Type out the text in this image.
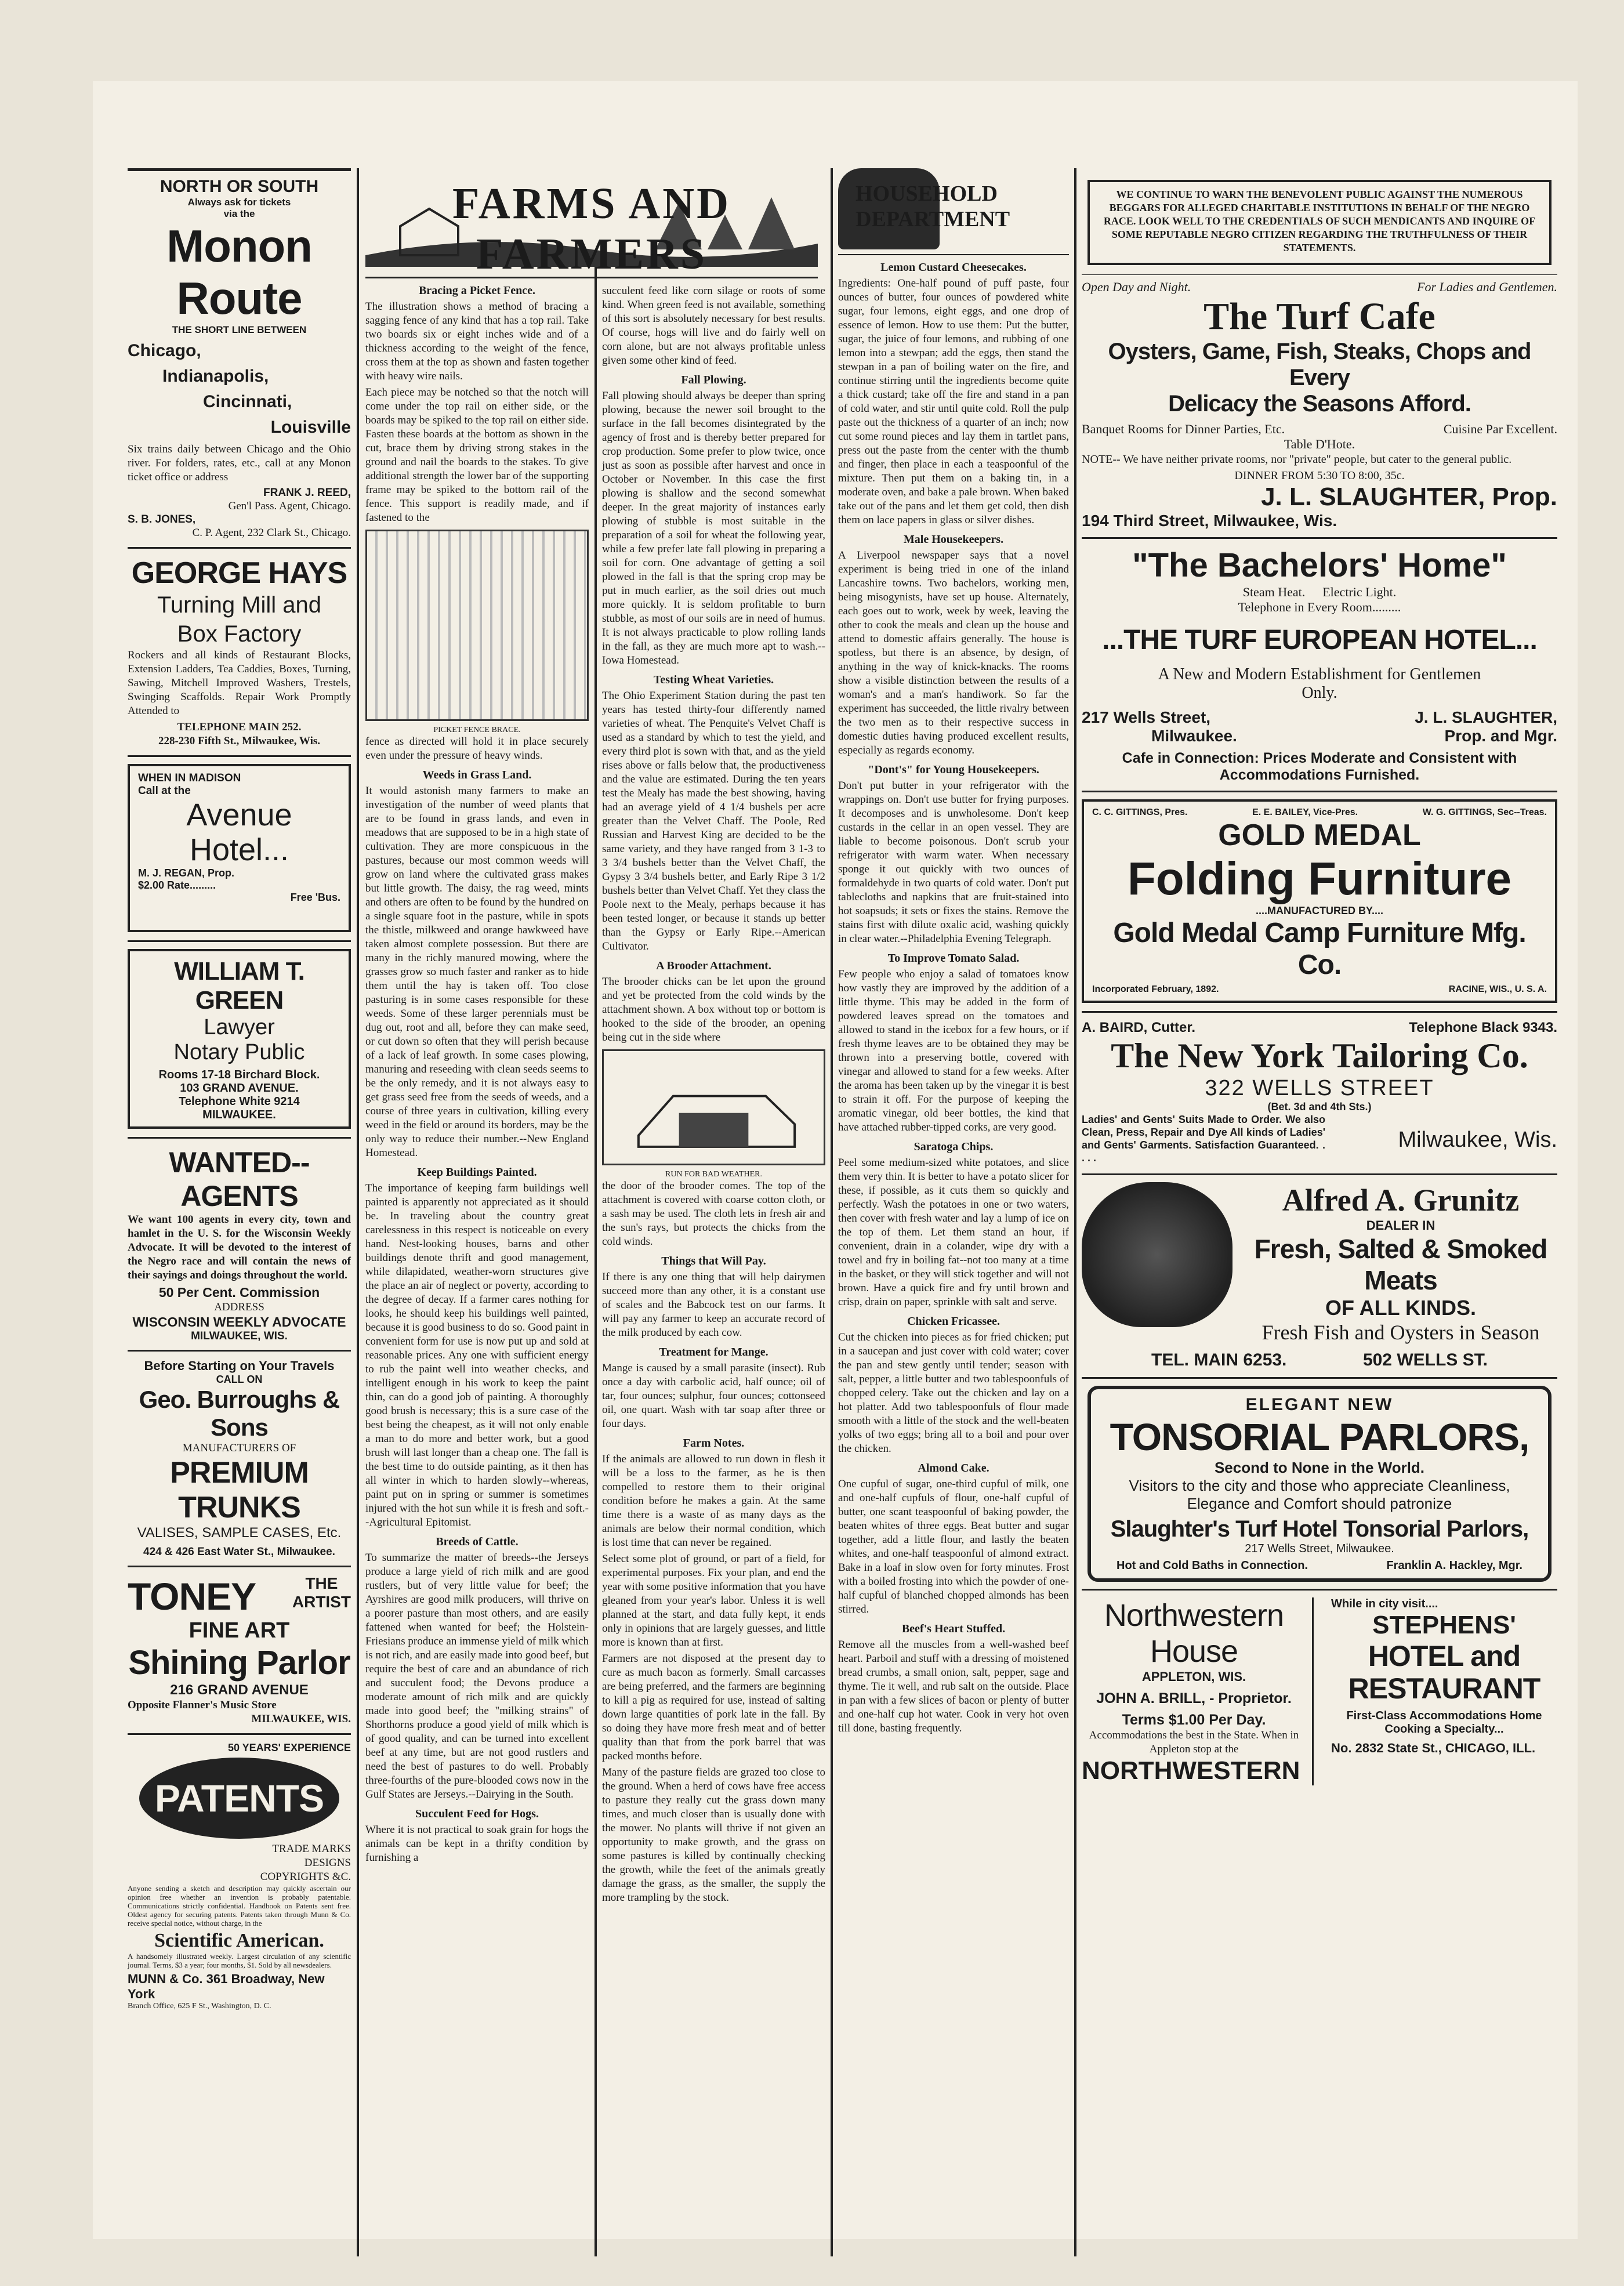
NORTH OR SOUTH
Always ask for tickets
via the
Monon Route
THE SHORT LINE BETWEEN
Chicago,
Indianapolis,
Cincinnati,
Louisville

Six trains daily between Chicago and the Ohio river. For folders, rates, etc., call at any Monon ticket office or address

FRANK J. REED,
Gen'l Pass. Agent, Chicago.
S. B. JONES,
C. P. Agent, 232 Clark St., Chicago.
GEORGE HAYS
Turning Mill and
Box Factory

Rockers and all kinds of Restaurant Blocks, Extension Ladders, Tea Caddies, Boxes, Turning, Sawing, Mitchell Improved Washers, Trestels, Swinging Scaffolds. Repair Work Promptly Attended to

TELEPHONE MAIN 252.
228-230 Fifth St., Milwaukee, Wis.
WHEN IN MADISON
Call at the
Avenue
Hotel...
M. J. REGAN, Prop.
$2.00 Rate.........
Free 'Bus.
WILLIAM T. GREEN
Lawyer
Notary Public
Rooms 17-18 Birchard Block.
103 GRAND AVENUE.
Telephone White 9214
MILWAUKEE.
WANTED--AGENTS

We want 100 agents in every city, town and hamlet in the U. S. for the Wisconsin Weekly Advocate. It will be devoted to the interest of the Negro race and will contain the news of their sayings and doings throughout the world.

50 Per Cent. Commission
ADDRESS
WISCONSIN WEEKLY ADVOCATE
MILWAUKEE, WIS.
Before Starting on Your Travels
CALL ON
Geo. Burroughs & Sons
MANUFACTURERS OF
PREMIUM TRUNKS
VALISES, SAMPLE CASES, Etc.
424 & 426 East Water St., Milwaukee.
TONEY	THE
ARTIST
FINE ART
Shining Parlor
216 GRAND AVENUE
Opposite Flanner's Music Store
MILWAUKEE, WIS.
50 YEARS' EXPERIENCE
PATENTS
TRADE MARKS
DESIGNS
COPYRIGHTS &C.

Anyone sending a sketch and description may quickly ascertain our opinion free whether an invention is probably patentable. Communications strictly confidential. Handbook on Patents sent free. Oldest agency for securing patents. Patents taken through Munn & Co. receive special notice, without charge, in the

Scientific American.

A handsomely illustrated weekly. Largest circulation of any scientific journal. Terms, $3 a year; four months, $1. Sold by all newsdealers.

MUNN & Co. 361 Broadway, New York
Branch Office, 625 F St., Washington, D. C.
FARMS AND FARMERS
Bracing a Picket Fence.

The illustration shows a method of bracing a sagging fence of any kind that has a top rail. Take two boards six or eight inches wide and of a thickness according to the weight of the fence, cross them at the top as shown and fasten together with heavy wire nails.

Each piece may be notched so that the notch will come under the top rail on either side, or the boards may be spiked to the top rail on either side. Fasten these boards at the bottom as shown in the cut, brace them by driving strong stakes in the ground and nail the boards to the stakes. To give additional strength the lower bar of the supporting frame may be spiked to the bottom rail of the fence. This support is readily made, and if fastened to the

PICKET FENCE BRACE.

fence as directed will hold it in place securely even under the pressure of heavy winds.

Weeds in Grass Land.

It would astonish many farmers to make an investigation of the number of weed plants that are to be found in grass lands, and even in meadows that are supposed to be in a high state of cultivation. They are more conspicuous in the pastures, because our most common weeds will grow on land where the cultivated grass makes but little growth. The daisy, the rag weed, mints and others are often to be found by the hundred on a single square foot in the pasture, while in spots the thistle, milkweed and orange hawkweed have taken almost complete possession. But there are many in the richly manured mowing, where the grasses grow so much faster and ranker as to hide them until the hay is taken off. Too close pasturing is in some cases responsible for these weeds. Some of these larger perennials must be dug out, root and all, before they can make seed, or cut down so often that they will perish because of a lack of leaf growth. In some cases plowing, manuring and reseeding with clean seeds seems to be the only remedy, and it is not always easy to get grass seed free from the seeds of weeds, and a course of three years in cultivation, killing every weed in the field or around its borders, may be the only way to reduce their number.--New England Homestead.

Keep Buildings Painted.

The importance of keeping farm buildings well painted is apparently not appreciated as it should be. In traveling about the country great carelessness in this respect is noticeable on every hand. Nest-looking houses, barns and other buildings denote thrift and good management, while dilapidated, weather-worn structures give the place an air of neglect or poverty, according to the degree of decay. If a farmer cares nothing for looks, he should keep his buildings well painted, because it is good business to do so. Good paint in convenient form for use is now put up and sold at reasonable prices. Any one with sufficient energy to rub the paint well into weather checks, and intelligent enough in his work to keep the paint thin, can do a good job of painting. A thoroughly good brush is necessary; this is a sure case of the best being the cheapest, as it will not only enable a man to do more and better work, but a good brush will last longer than a cheap one. The fall is the best time to do outside painting, as it then has all winter in which to harden slowly--whereas, paint put on in spring or summer is sometimes injured with the hot sun while it is fresh and soft.--Agricultural Epitomist.

Breeds of Cattle.

To summarize the matter of breeds--the Jerseys produce a large yield of rich milk and are good rustlers, but of very little value for beef; the Ayrshires are good milk producers, will thrive on a poorer pasture than most others, and are easily fattened when wanted for beef; the Holstein-Friesians produce an immense yield of milk which is not rich, and are easily made into good beef, but require the best of care and an abundance of rich and succulent food; the Devons produce a moderate amount of rich milk and are quickly made into good beef; the "milking strains" of Shorthorns produce a good yield of milk which is of good quality, and can be turned into excellent beef at any time, but are not good rustlers and need the best of pastures to do well. Probably three-fourths of the pure-blooded cows now in the Gulf States are Jerseys.--Dairying in the South.

Succulent Feed for Hogs.

Where it is not practical to soak grain for hogs the animals can be kept in a thrifty condition by furnishing a

succulent feed like corn silage or roots of some kind. When green feed is not available, something of this sort is absolutely necessary for best results. Of course, hogs will live and do fairly well on corn alone, but are not always profitable unless given some other kind of feed.

Fall Plowing.

Fall plowing should always be deeper than spring plowing, because the newer soil brought to the surface in the fall becomes disintegrated by the agency of frost and is thereby better prepared for crop production. Some prefer to plow twice, once just as soon as possible after harvest and once in October or November. In this case the first plowing is shallow and the second somewhat deeper. In the great majority of instances early plowing of stubble is most suitable in the preparation of a soil for wheat the following year, while a few prefer late fall plowing in preparing a soil for corn. One advantage of getting a soil plowed in the fall is that the spring crop may be put in much earlier, as the soil dries out much more quickly. It is seldom profitable to burn stubble, as most of our soils are in need of humus. It is not always practicable to plow rolling lands in the fall, as they are much more apt to wash.--Iowa Homestead.

Testing Wheat Varieties.

The Ohio Experiment Station during the past ten years has tested thirty-four differently named varieties of wheat. The Penquite's Velvet Chaff is used as a standard by which to test the yield, and every third plot is sown with that, and as the yield rises above or falls below that, the productiveness and the value are estimated. During the ten years test the Mealy has made the best showing, having had an average yield of 4 1/4 bushels per acre greater than the Velvet Chaff. The Poole, Red Russian and Harvest King are decided to be the same variety, and they have ranged from 3 1-3 to 3 3/4 bushels better than the Velvet Chaff, the Gypsy 3 3/4 bushels better, and Early Ripe 3 1/2 bushels better than Velvet Chaff. Yet they class the Poole next to the Mealy, perhaps because it has been tested longer, or because it stands up better than the Gypsy or Early Ripe.--American Cultivator.

A Brooder Attachment.

The brooder chicks can be let upon the ground and yet be protected from the cold winds by the attachment shown. A box without top or bottom is hooked to the side of the brooder, an opening being cut in the side where

RUN FOR BAD WEATHER.

the door of the brooder comes. The top of the attachment is covered with coarse cotton cloth, or a sash may be used. The cloth lets in fresh air and the sun's rays, but protects the chicks from the cold winds.

Things that Will Pay.

If there is any one thing that will help dairymen succeed more than any other, it is a constant use of scales and the Babcock test on our farms. It will pay any farmer to keep an accurate record of the milk produced by each cow.

Treatment for Mange.

Mange is caused by a small parasite (insect). Rub once a day with carbolic acid, half ounce; oil of tar, four ounces; sulphur, four ounces; cottonseed oil, one quart. Wash with tar soap after three or four days.

Farm Notes.

If the animals are allowed to run down in flesh it will be a loss to the farmer, as he is then compelled to restore them to their original condition before he makes a gain. At the same time there is a waste of as many days as the animals are below their normal condition, which is lost time that can never be regained.

Select some plot of ground, or part of a field, for experimental purposes. Fix your plan, and end the year with some positive information that you have gleaned from your year's labor. Unless it is well planned at the start, and data fully kept, it ends only in opinions that are largely guesses, and little more is known than at first.

Farmers are not disposed at the present day to cure as much bacon as formerly. Small carcasses are being preferred, and the farmers are beginning to kill a pig as required for use, instead of salting down large quantities of pork late in the fall. By so doing they have more fresh meat and of better quality than that from the pork barrel that was packed months before.

Many of the pasture fields are grazed too close to the ground. When a herd of cows have free access to pasture they really cut the grass down many times, and much closer than is usually done with the mower. No plants will thrive if not given an opportunity to make growth, and the grass on some pastures is killed by continually checking the growth, while the feet of the animals greatly damage the grass, as the smaller, the supply the more trampling by the stock.

HOUSEHOLD DEPARTMENT
Lemon Custard Cheesecakes.

Ingredients: One-half pound of puff paste, four ounces of butter, four ounces of powdered white sugar, four lemons, eight eggs, and one drop of essence of lemon. How to use them: Put the butter, sugar, the juice of four lemons, and rubbing of one lemon into a stewpan; add the eggs, then stand the stewpan in a pan of boiling water on the fire, and continue stirring until the ingredients become quite a thick custard; take off the fire and stand in a pan of cold water, and stir until quite cold. Roll the pulp paste out the thickness of a quarter of an inch; now cut some round pieces and lay them in tartlet pans, press out the paste from the center with the thumb and finger, then place in each a teaspoonful of the mixture. Then put them on a baking tin, in a moderate oven, and bake a pale brown. When baked take out of the pans and let them get cold, then dish them on lace papers in glass or silver dishes.

Male Housekeepers.

A Liverpool newspaper says that a novel experiment is being tried in one of the inland Lancashire towns. Two bachelors, working men, being misogynists, have set up house. Alternately, each goes out to work, week by week, leaving the other to cook the meals and clean up the house and attend to domestic affairs generally. The house is spotless, but there is an absence, by design, of anything in the way of knick-knacks. The rooms show a visible distinction between the results of a woman's and a man's handiwork. So far the experiment has succeeded, the little rivalry between the two men as to their respective success in domestic duties having produced excellent results, especially as regards economy.

"Dont's" for Young Housekeepers.

Don't put butter in your refrigerator with the wrappings on. Don't use butter for frying purposes. It decomposes and is unwholesome. Don't keep custards in the cellar in an open vessel. They are liable to become poisonous. Don't scrub your refrigerator with warm water. When necessary sponge it out quickly with two ounces of formaldehyde in two quarts of cold water. Don't put tablecloths and napkins that are fruit-stained into hot soapsuds; it sets or fixes the stains. Remove the stains first with dilute oxalic acid, washing quickly in clear water.--Philadelphia Evening Telegraph.

To Improve Tomato Salad.

Few people who enjoy a salad of tomatoes know how vastly they are improved by the addition of a little thyme. This may be added in the form of powdered leaves spread on the tomatoes and allowed to stand in the icebox for a few hours, or if fresh thyme leaves are to be obtained they may be thrown into a preserving bottle, covered with vinegar and allowed to stand for a few weeks. After the aroma has been taken up by the vinegar it is best to strain it off. For the purpose of keeping the aromatic vinegar, old beer bottles, the kind that have attached rubber-tipped corks, are very good.

Saratoga Chips.

Peel some medium-sized white potatoes, and slice them very thin. It is better to have a potato slicer for these, if possible, as it cuts them so quickly and perfectly. Wash the potatoes in one or two waters, then cover with fresh water and lay a lump of ice on the top of them. Let them stand an hour, if convenient, drain in a colander, wipe dry with a towel and fry in boiling fat--not too many at a time in the basket, or they will stick together and will not brown. Have a quick fire and fry until brown and crisp, drain on paper, sprinkle with salt and serve.

Chicken Fricassee.

Cut the chicken into pieces as for fried chicken; put in a saucepan and just cover with cold water; cover the pan and stew gently until tender; season with salt, pepper, a little butter and two tablespoonfuls of chopped celery. Take out the chicken and lay on a hot platter. Add two tablespoonfuls of flour made smooth with a little of the stock and the well-beaten yolks of two eggs; bring all to a boil and pour over the chicken.

Almond Cake.

One cupful of sugar, one-third cupful of milk, one and one-half cupfuls of flour, one-half cupful of butter, one scant teaspoonful of baking powder, the beaten whites of three eggs. Beat butter and sugar together, add a little flour, and lastly the beaten whites, and one-half teaspoonful of almond extract. Bake in a loaf in slow oven for forty minutes. Frost with a boiled frosting into which the powder of one-half cupful of blanched chopped almonds has been stirred.

Beef's Heart Stuffed.

Remove all the muscles from a well-washed beef heart. Parboil and stuff with a dressing of moistened bread crumbs, a small onion, salt, pepper, sage and thyme. Tie it well, and rub salt on the outside. Place in pan with a few slices of bacon or plenty of butter and one-half cup hot water. Cook in very hot oven till done, basting frequently.

WE CONTINUE TO WARN THE BENEVOLENT PUBLIC AGAINST THE NUMEROUS BEGGARS FOR ALLEGED CHARITABLE INSTITUTIONS IN BEHALF OF THE NEGRO RACE. LOOK WELL TO THE CREDENTIALS OF SUCH MENDICANTS AND INQUIRE OF SOME REPUTABLE NEGRO CITIZEN REGARDING THE TRUTHFULNESS OF THEIR STATEMENTS.

Open Day and Night.	For Ladies and Gentlemen.
The Turf Cafe
Oysters, Game, Fish, Steaks, Chops and Every
Delicacy the Seasons Afford.
Banquet Rooms for Dinner Parties, Etc.	Cuisine Par Excellent.
Table D'Hote.

NOTE-- We have neither private rooms, nor "private" people, but cater to the general public.

DINNER FROM 5:30 TO 8:00, 35c.
J. L. SLAUGHTER, Prop.
194 Third Street, Milwaukee, Wis.
"The Bachelors' Home"
Steam Heat. Electric Light.
Telephone in Every Room.........
...THE TURF EUROPEAN HOTEL...
A New and Modern Establishment for Gentlemen Only.
217 Wells Street,
Milwaukee.
J. L. SLAUGHTER,
Prop. and Mgr.
Cafe in Connection: Prices Moderate and Consistent with Accommodations Furnished.
C. C. GITTINGS, Pres.	E. E. BAILEY, Vice-Pres.	W. G. GITTINGS, Sec--Treas.
GOLD MEDAL
Folding Furniture
....MANUFACTURED BY....
Gold Medal Camp Furniture Mfg. Co.
Incorporated February, 1892.	RACINE, WIS., U. S. A.
A. BAIRD, Cutter.	Telephone Black 9343.
The New York Tailoring Co.
322 WELLS STREET
(Bet. 3d and 4th Sts.)

Ladies' and Gents' Suits Made to Order. We also Clean, Press, Repair and Dye All kinds of Ladies' and Gents' Garments. Satisfaction Guaranteed. . . . .

Milwaukee, Wis.
Alfred A. Grunitz
DEALER IN
Fresh, Salted & Smoked Meats
OF ALL KINDS.
Fresh Fish and Oysters in Season
TEL. MAIN 6253.	502 WELLS ST.
ELEGANT NEW
TONSORIAL PARLORS,
Second to None in the World.
Visitors to the city and those who appreciate Cleanliness, Elegance and Comfort should patronize
Slaughter's Turf Hotel Tonsorial Parlors,
217 Wells Street, Milwaukee.
Hot and Cold Baths in Connection.	Franklin A. Hackley, Mgr.
Northwestern House
APPLETON, WIS.
JOHN A. BRILL, - Proprietor.
Terms $1.00 Per Day.
Accommodations the best in the State. When in Appleton stop at the
NORTHWESTERN
While in city visit....
STEPHENS'
HOTEL and RESTAURANT
First-Class Accommodations Home Cooking a Specialty...
No. 2832 State St., CHICAGO, ILL.
